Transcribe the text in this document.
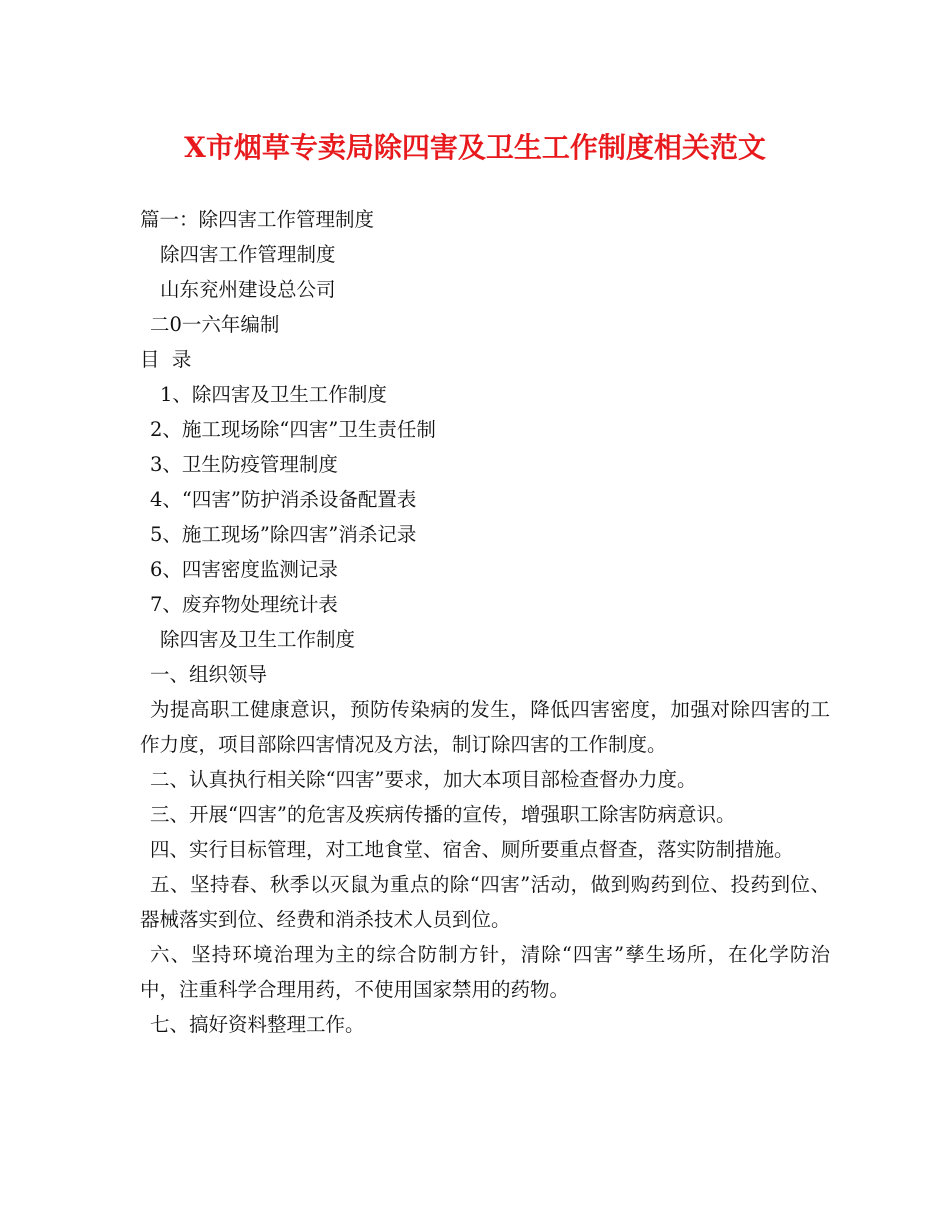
X市烟草专卖局除四害及卫生工作制度相关范文

篇一：除四害工作管理制度

除四害工作管理制度

山东兖州建设总公司

二0一六年编制

目  录

1、除四害及卫生工作制度

2、施工现场除“四害”卫生责任制

3、卫生防疫管理制度

4、“四害”防护消杀设备配置表

5、施工现场”除四害”消杀记录

6、四害密度监测记录

7、废弃物处理统计表

除四害及卫生工作制度

一、组织领导

为提高职工健康意识，预防传染病的发生，降低四害密度，加强对除四害的工作力度，项目部除四害情况及方法，制订除四害的工作制度。

二、认真执行相关除“四害”要求，加大本项目部检查督办力度。

三、开展“四害”的危害及疾病传播的宣传，增强职工除害防病意识。

四、实行目标管理，对工地食堂、宿舍、厕所要重点督查，落实防制措施。

五、坚持春、秋季以灭鼠为重点的除“四害”活动，做到购药到位、投药到位、器械落实到位、经费和消杀技术人员到位。

六、坚持环境治理为主的综合防制方针，清除“四害”孳生场所，在化学防治中，注重科学合理用药，不使用国家禁用的药物。

七、搞好资料整理工作。
